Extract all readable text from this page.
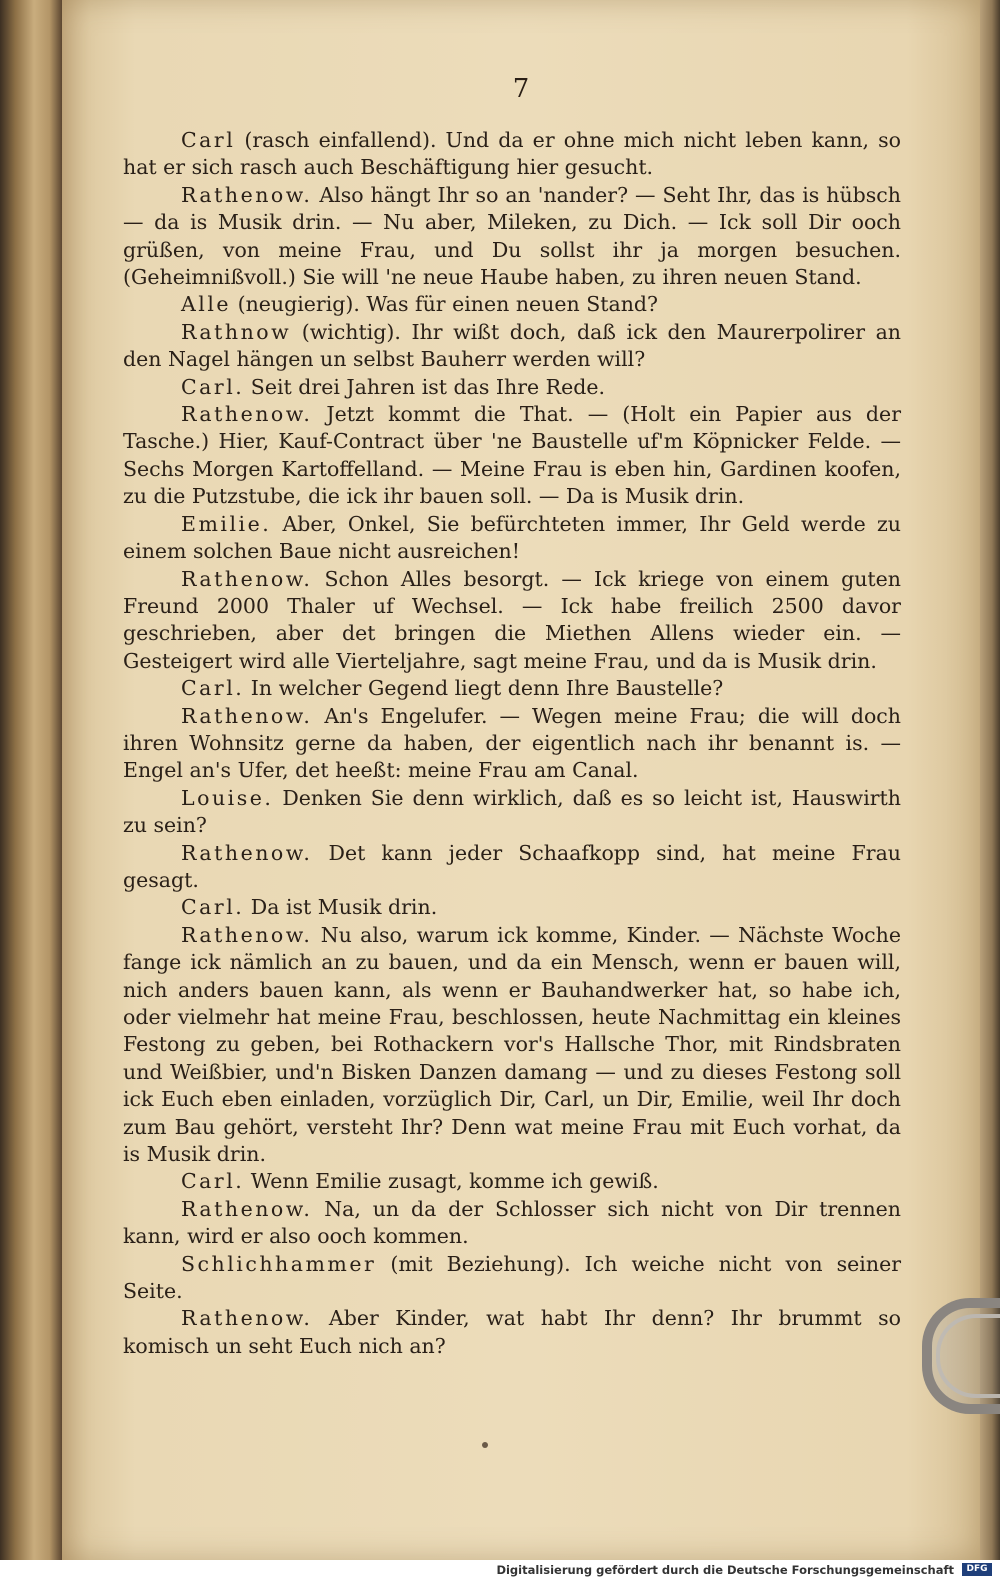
7

Carl (rasch einfallend). Und da er ohne mich nicht leben kann, so hat er sich rasch auch Beschäftigung hier gesucht.

Rathenow. Also hängt Ihr so an 'nander? — Seht Ihr, das is hübsch — da is Musik drin. — Nu aber, Mileken, zu Dich. — Ick soll Dir ooch grüßen, von meine Frau, und Du sollst ihr ja morgen besuchen. (Geheimnißvoll.) Sie will 'ne neue Haube haben, zu ihren neuen Stand.

Alle (neugierig). Was für einen neuen Stand?

Rathnow (wichtig). Ihr wißt doch, daß ick den Maurerpolirer an den Nagel hängen un selbst Bauherr werden will?

Carl. Seit drei Jahren ist das Ihre Rede.

Rathenow. Jetzt kommt die That. — (Holt ein Papier aus der Tasche.) Hier, Kauf-Contract über 'ne Baustelle uf'm Köpnicker Felde. — Sechs Morgen Kartoffelland. — Meine Frau is eben hin, Gardinen koofen, zu die Putzstube, die ick ihr bauen soll. — Da is Musik drin.

Emilie. Aber, Onkel, Sie befürchteten immer, Ihr Geld werde zu einem solchen Baue nicht ausreichen!

Rathenow. Schon Alles besorgt. — Ick kriege von einem guten Freund 2000 Thaler uf Wechsel. — Ick habe freilich 2500 davor geschrieben, aber det bringen die Miethen Allens wieder ein. — Gesteigert wird alle Vierteljahre, sagt meine Frau, und da is Musik drin.

Carl. In welcher Gegend liegt denn Ihre Baustelle?

Rathenow. An's Engelufer. — Wegen meine Frau; die will doch ihren Wohnsitz gerne da haben, der eigentlich nach ihr benannt is. — Engel an's Ufer, det heeßt: meine Frau am Canal.

Louise. Denken Sie denn wirklich, daß es so leicht ist, Hauswirth zu sein?

Rathenow. Det kann jeder Schaafkopp sind, hat meine Frau gesagt.

Carl. Da ist Musik drin.

Rathenow. Nu also, warum ick komme, Kinder. — Nächste Woche fange ick nämlich an zu bauen, und da ein Mensch, wenn er bauen will, nich anders bauen kann, als wenn er Bauhandwerker hat, so habe ich, oder vielmehr hat meine Frau, beschlossen, heute Nachmittag ein kleines Festong zu geben, bei Rothackern vor's Hallsche Thor, mit Rindsbraten und Weißbier, und'n Bisken Danzen damang — und zu dieses Festong soll ick Euch eben einladen, vorzüglich Dir, Carl, un Dir, Emilie, weil Ihr doch zum Bau gehört, versteht Ihr? Denn wat meine Frau mit Euch vorhat, da is Musik drin.

Carl. Wenn Emilie zusagt, komme ich gewiß.

Rathenow. Na, un da der Schlosser sich nicht von Dir trennen kann, wird er also ooch kommen.

Schlichhammer (mit Beziehung). Ich weiche nicht von seiner Seite.

Rathenow. Aber Kinder, wat habt Ihr denn? Ihr brummt so komisch un seht Euch nich an?

Digitalisierung gefördert durch die Deutsche Forschungsgemeinschaft	DFG
